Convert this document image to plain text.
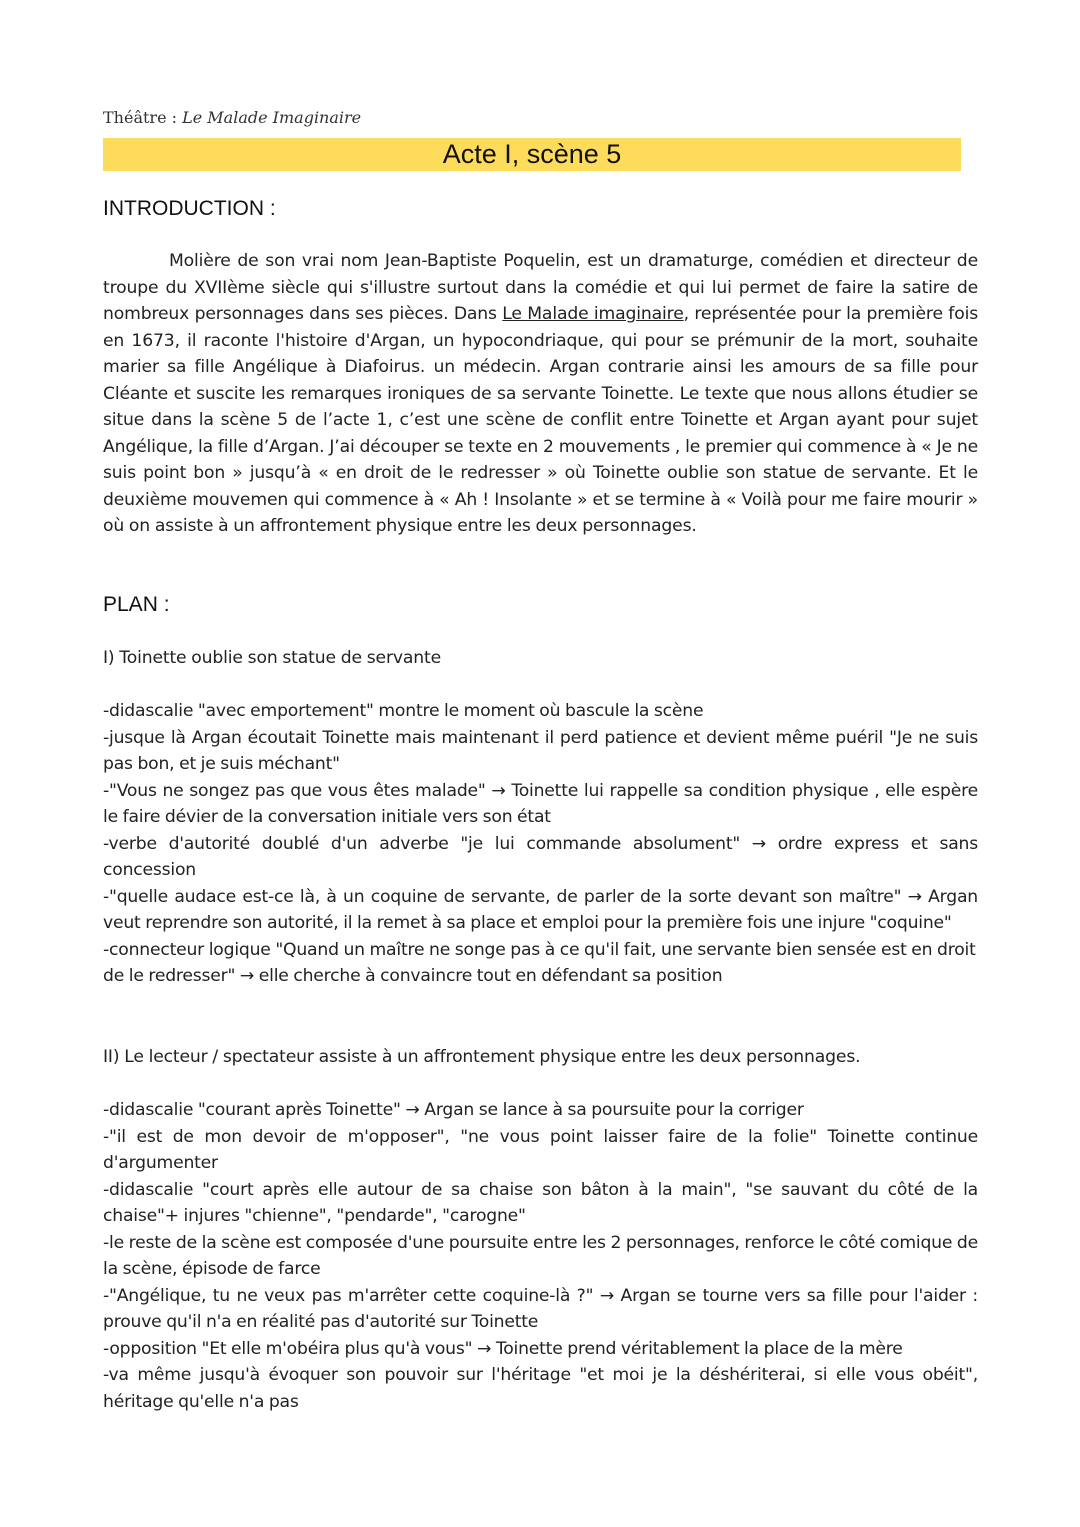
Théâtre : Le Malade Imaginaire
Acte I, scène 5
INTRODUCTION :

Molière de son vrai nom Jean-Baptiste Poquelin, est un dramaturge, comédien et directeur de troupe du XVIIème siècle qui s'illustre surtout dans la comédie et qui lui permet de faire la satire de nombreux personnages dans ses pièces. Dans Le Malade imaginaire, représentée pour la première fois en 1673, il raconte l'histoire d'Argan, un hypocondriaque, qui pour se prémunir de la mort, souhaite marier sa fille Angélique à Diafoirus. un médecin. Argan contrarie ainsi les amours de sa fille pour Cléante et suscite les remarques ironiques de sa servante Toinette. Le texte que nous allons étudier se situe dans la scène 5 de l’acte 1, c’est une scène de conflit entre Toinette et Argan ayant pour sujet Angélique, la fille d’Argan. J’ai découper se texte en 2 mouvements , le premier qui commence à « Je ne suis point bon » jusqu’à « en droit de le redresser » où Toinette oublie son statue de servante. Et le deuxième mouvemen qui commence à « Ah ! Insolante » et se termine à « Voilà pour me faire mourir » où on assiste à un affrontement physique entre les deux personnages.

PLAN :

I) Toinette oublie son statue de servante

-didascalie "avec emportement" montre le moment où bascule la scène
-jusque là Argan écoutait Toinette mais maintenant il perd patience et devient même puéril "Je ne suis pas bon, et je suis méchant"
-"Vous ne songez pas que vous êtes malade" → Toinette lui rappelle sa condition physique , elle espère le faire dévier de la conversation initiale vers son état
-verbe d'autorité doublé d'un adverbe "je lui commande absolument" → ordre express et sans concession
-"quelle audace est-ce là, à un coquine de servante, de parler de la sorte devant son maître" → Argan veut reprendre son autorité, il la remet à sa place et emploi pour la première fois une injure "coquine"
-connecteur logique "Quand un maître ne songe pas à ce qu'il fait, une servante bien sensée est en droit de le redresser" → elle cherche à convaincre tout en défendant sa position

II) Le lecteur / spectateur assiste à un affrontement physique entre les deux personnages.

-didascalie "courant après Toinette" → Argan se lance à sa poursuite pour la corriger
-"il est de mon devoir de m'opposer", "ne vous point laisser faire de la folie" Toinette continue d'argumenter
-didascalie "court après elle autour de sa chaise son bâton à la main", "se sauvant du côté de la chaise"+ injures "chienne", "pendarde", "carogne"
-le reste de la scène est composée d'une poursuite entre les 2 personnages, renforce le côté comique de la scène, épisode de farce
-"Angélique, tu ne veux pas m'arrêter cette coquine-là ?" → Argan se tourne vers sa fille pour l'aider : prouve qu'il n'a en réalité pas d'autorité sur Toinette
-opposition "Et elle m'obéira plus qu'à vous" → Toinette prend véritablement la place de la mère
-va même jusqu'à évoquer son pouvoir sur l'héritage "et moi je la déshériterai, si elle vous obéit", héritage qu'elle n'a pas
